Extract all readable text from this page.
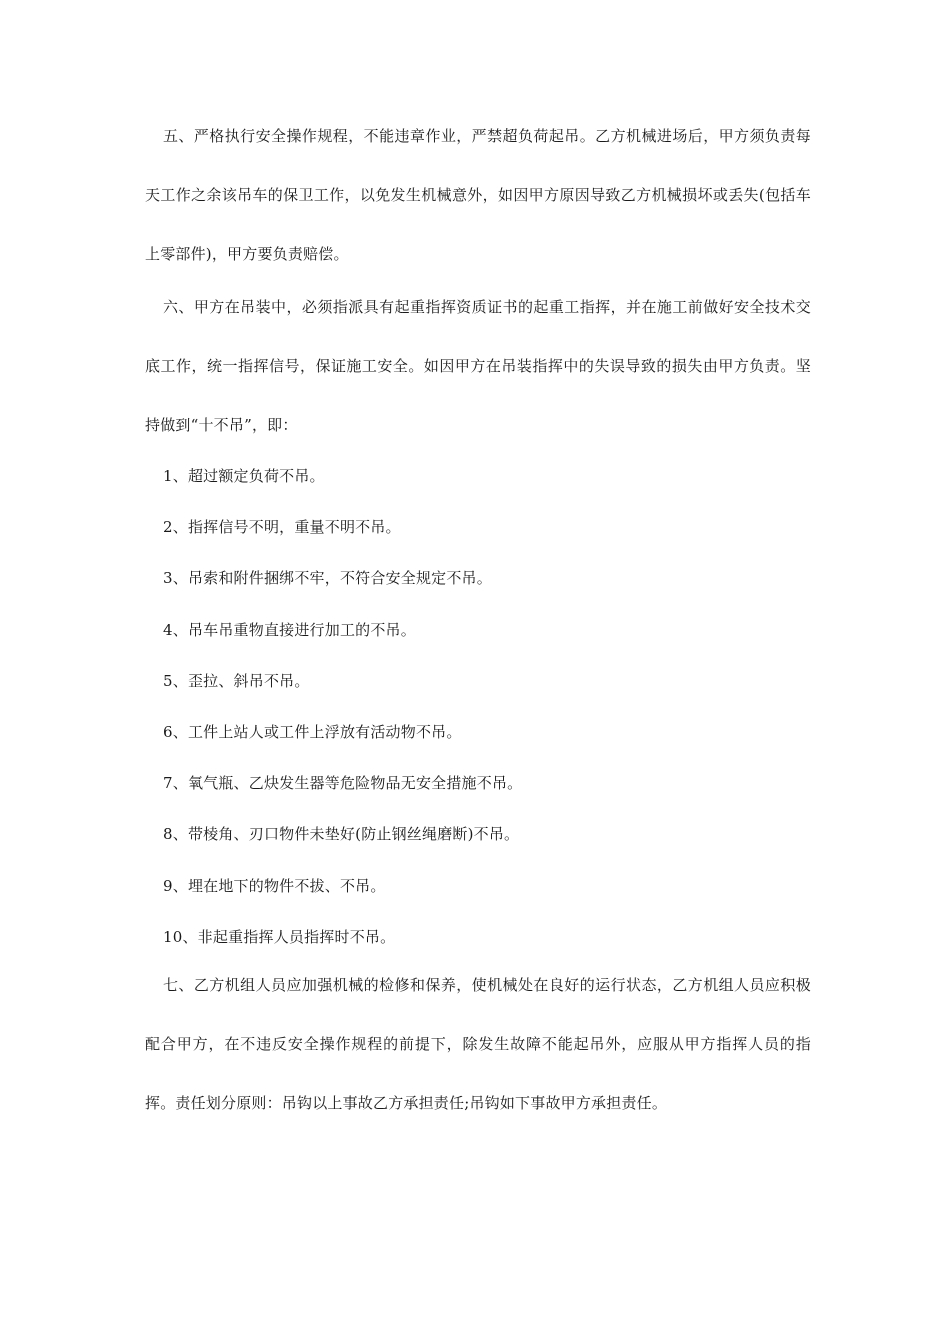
五、严格执行安全操作规程，不能违章作业，严禁超负荷起吊。乙方机械进场后，甲方须负责每天工作之余该吊车的保卫工作，以免发生机械意外，如因甲方原因导致乙方机械损坏或丢失(包括车上零部件)，甲方要负责赔偿。

六、甲方在吊装中，必须指派具有起重指挥资质证书的起重工指挥，并在施工前做好安全技术交底工作，统一指挥信号，保证施工安全。如因甲方在吊装指挥中的失误导致的损失由甲方负责。坚持做到“十不吊”，即：

1、超过额定负荷不吊。

2、指挥信号不明，重量不明不吊。

3、吊索和附件捆绑不牢，不符合安全规定不吊。

4、吊车吊重物直接进行加工的不吊。

5、歪拉、斜吊不吊。

6、工件上站人或工件上浮放有活动物不吊。

7、氧气瓶、乙炔发生器等危险物品无安全措施不吊。

8、带棱角、刃口物件未垫好(防止钢丝绳磨断)不吊。

9、埋在地下的物件不拔、不吊。

10、非起重指挥人员指挥时不吊。

七、乙方机组人员应加强机械的检修和保养，使机械处在良好的运行状态，乙方机组人员应积极配合甲方，在不违反安全操作规程的前提下，除发生故障不能起吊外，应服从甲方指挥人员的指挥。责任划分原则：吊钩以上事故乙方承担责任;吊钩如下事故甲方承担责任。
